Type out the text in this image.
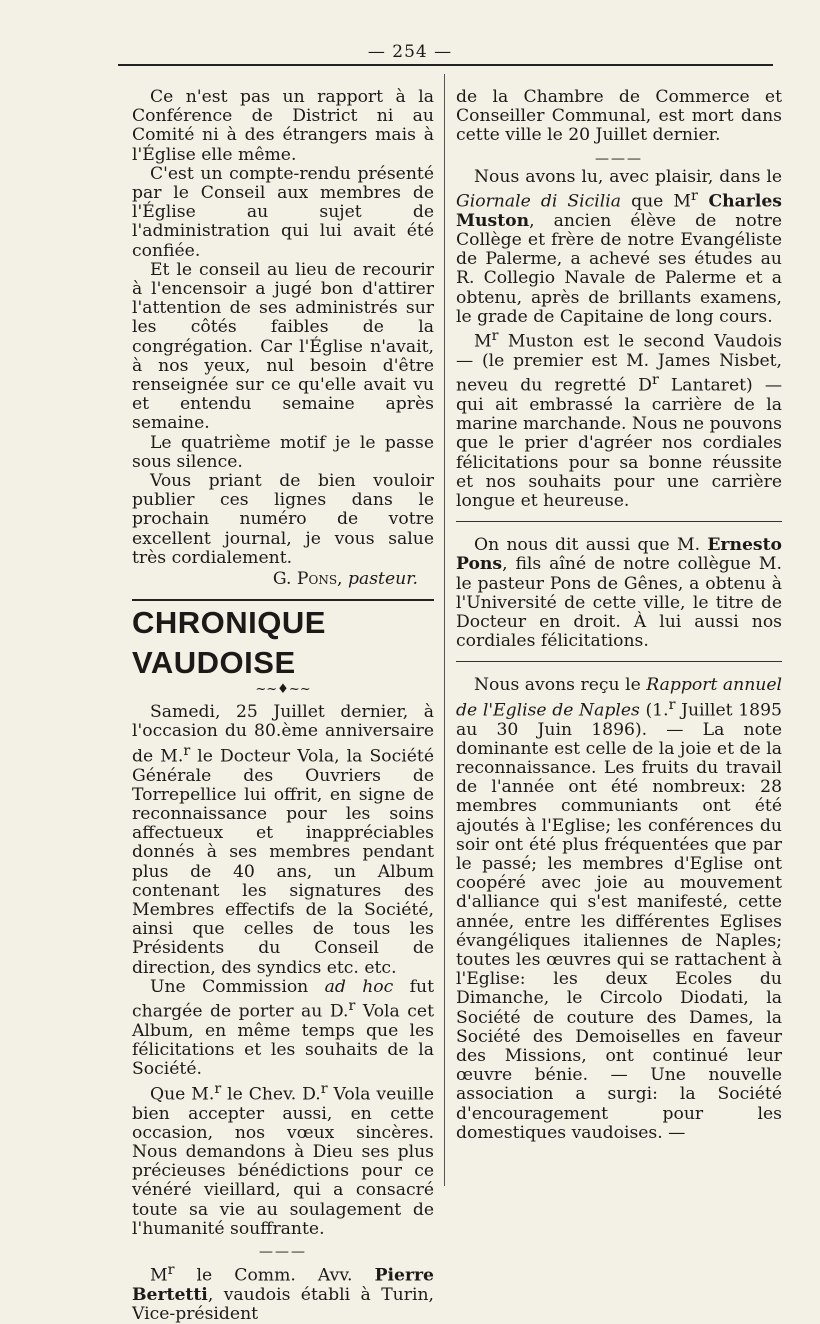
— 254 —

Ce n'est pas un rapport à la Conférence de District ni au Comité ni à des étrangers mais à l'Église elle même.

C'est un compte-rendu présenté par le Conseil aux membres de l'Église au sujet de l'administration qui lui avait été confiée.

Et le conseil au lieu de recourir à l'encensoir a jugé bon d'attirer l'attention de ses administrés sur les côtés faibles de la congrégation. Car l'Église n'avait, à nos yeux, nul besoin d'être renseignée sur ce qu'elle avait vu et entendu semaine après semaine.

Le quatrième motif je le passe sous silence.

Vous priant de bien vouloir publier ces lignes dans le prochain numéro de votre excellent journal, je vous salue très cordialement.

G. Pons, pasteur.

CHRONIQUE VAUDOISE
~~♦~~

Samedi, 25 Juillet dernier, à l'occasion du 80.ème anniversaire de M.$^r$ le Docteur Vola, la Société Générale des Ouvriers de Torrepellice lui offrit, en signe de reconnaissance pour les soins affectueux et inappréciables donnés à ses membres pendant plus de 40 ans, un Album contenant les signatures des Membres effectifs de la Société, ainsi que celles de tous les Présidents du Conseil de direction, des syndics etc. etc.

Une Commission ad hoc fut chargée de porter au D.$^r$ Vola cet Album, en même temps que les félicitations et les souhaits de la Société.

Que M.$^r$ le Chev. D.$^r$ Vola veuille bien accepter aussi, en cette occasion, nos vœux sincères. Nous demandons à Dieu ses plus précieuses bénédictions pour ce vénéré vieillard, qui a consacré toute sa vie au soulagement de l'humanité souffrante.

———

$M^r$ le Comm. Avv. Pierre Bertetti, vaudois établi à Turin, Vice-président

de la Chambre de Commerce et Conseiller Communal, est mort dans cette ville le 20 Juillet dernier.

———

Nous avons lu, avec plaisir, dans le Giornale di Sicilia que $M^r$ Charles Muston, ancien élève de notre Collège et frère de notre Evangéliste de Palerme, a achevé ses études au R. Collegio Navale de Palerme et a obtenu, après de brillants examens, le grade de Capitaine de long cours.

$M^r$ Muston est le second Vaudois — (le premier est M. James Nisbet, neveu du regretté $D^r$ Lantaret) — qui ait embrassé la carrière de la marine marchande. Nous ne pouvons que le prier d'agréer nos cordiales félicitations pour sa bonne réussite et nos souhaits pour une carrière longue et heureuse.

On nous dit aussi que M. Ernesto Pons, fils aîné de notre collègue M. le pasteur Pons de Gênes, a obtenu à l'Université de cette ville, le titre de Docteur en droit. À lui aussi nos cordiales félicitations.

Nous avons reçu le Rapport annuel de l'Eglise de Naples (1.$^r$ Juillet 1895 au 30 Juin 1896). — La note dominante est celle de la joie et de la reconnaissance. Les fruits du travail de l'année ont été nombreux: 28 membres communiants ont été ajoutés à l'Eglise; les conférences du soir ont été plus fréquentées que par le passé; les membres d'Eglise ont coopéré avec joie au mouvement d'alliance qui s'est manifesté, cette année, entre les différentes Eglises évangéliques italiennes de Naples; toutes les œuvres qui se rattachent à l'Eglise: les deux Ecoles du Dimanche, le Circolo Diodati, la Société de couture des Dames, la Société des Demoiselles en faveur des Missions, ont continué leur œuvre bénie. — Une nouvelle association a surgi: la Société d'encouragement pour les domestiques vaudoises. —
